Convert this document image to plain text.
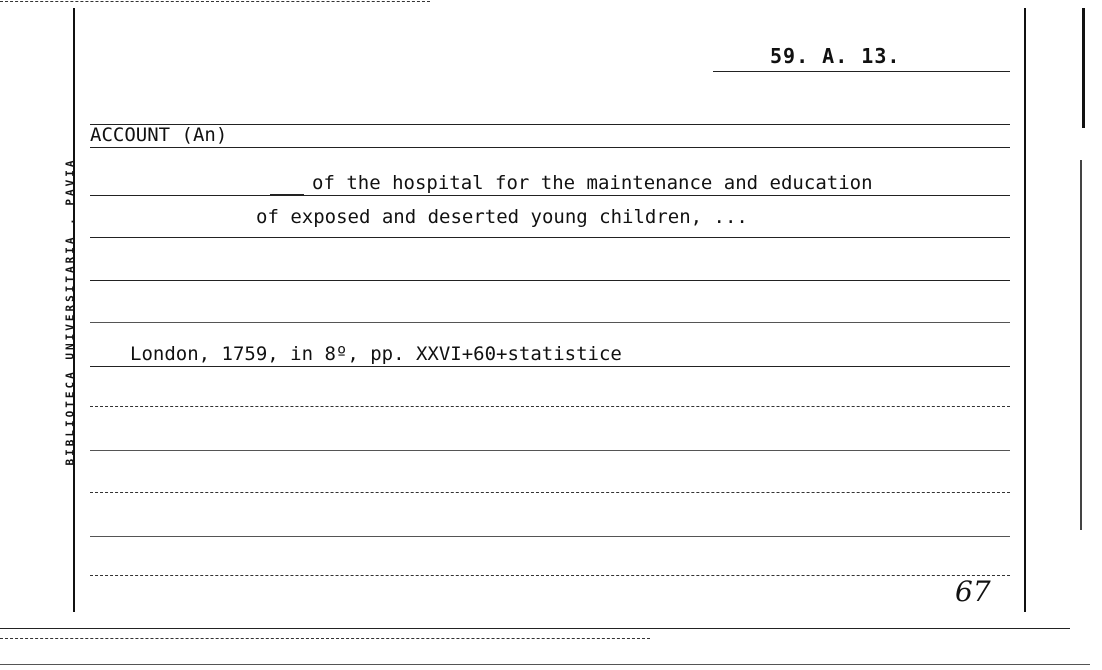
BIBLIOTECA UNIVERSITARIA . PAVIA
59. A. 13.
ACCOUNT (An)
of the hospital for the maintenance and education
of exposed and deserted young children, ...
London, 1759, in 8º, pp. XXVI+60+statistice
67
